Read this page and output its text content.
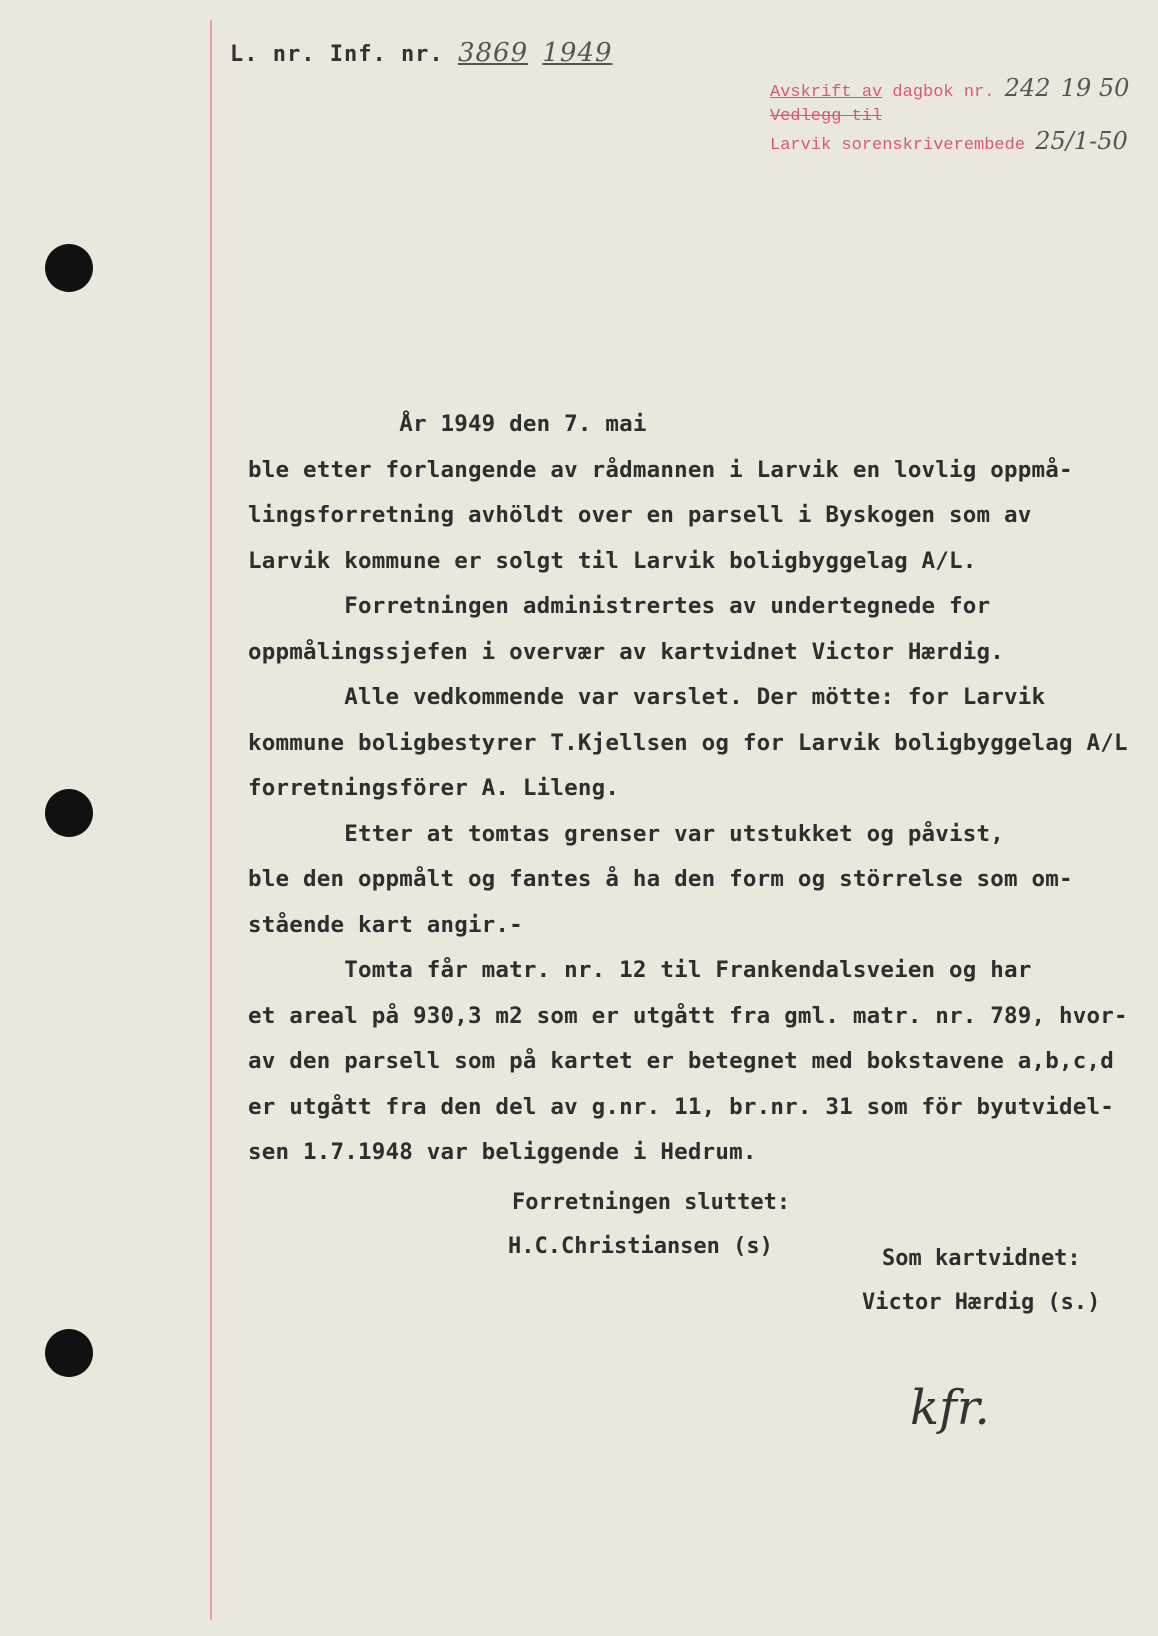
L. nr. Inf. nr. 3869 1949
Avskrift av dagbok nr. 242 19 50
Vedlegg til
Larvik sorenskriverembede 25/1-50

År 1949 den 7. mai

ble etter forlangende av rådmannen i Larvik en lovlig oppmå-

lingsforretning avhöldt over en parsell i Byskogen som av

Larvik kommune er solgt til Larvik boligbyggelag A/L.

Forretningen administrertes av undertegnede for

oppmålingssjefen i overvær av kartvidnet Victor Hærdig.

Alle vedkommende var varslet. Der mötte: for Larvik

kommune boligbestyrer T.Kjellsen og for Larvik boligbyggelag A/L

forretningsförer A. Lileng.

Etter at tomtas grenser var utstukket og påvist,

ble den oppmålt og fantes å ha den form og störrelse som om-

stående kart angir.-

Tomta får matr. nr. 12 til Frankendalsveien og har

et areal på 930,3 m2 som er utgått fra gml. matr. nr. 789, hvor-

av den parsell som på kartet er betegnet med bokstavene a,b,c,d

er utgått fra den del av g.nr. 11, br.nr. 31 som för byutvidel-

sen 1.7.1948 var beliggende i Hedrum.

Forretningen sluttet:
H.C.Christiansen (s)	Som kartvidnet:
Victor Hærdig (s.)
kfr.
